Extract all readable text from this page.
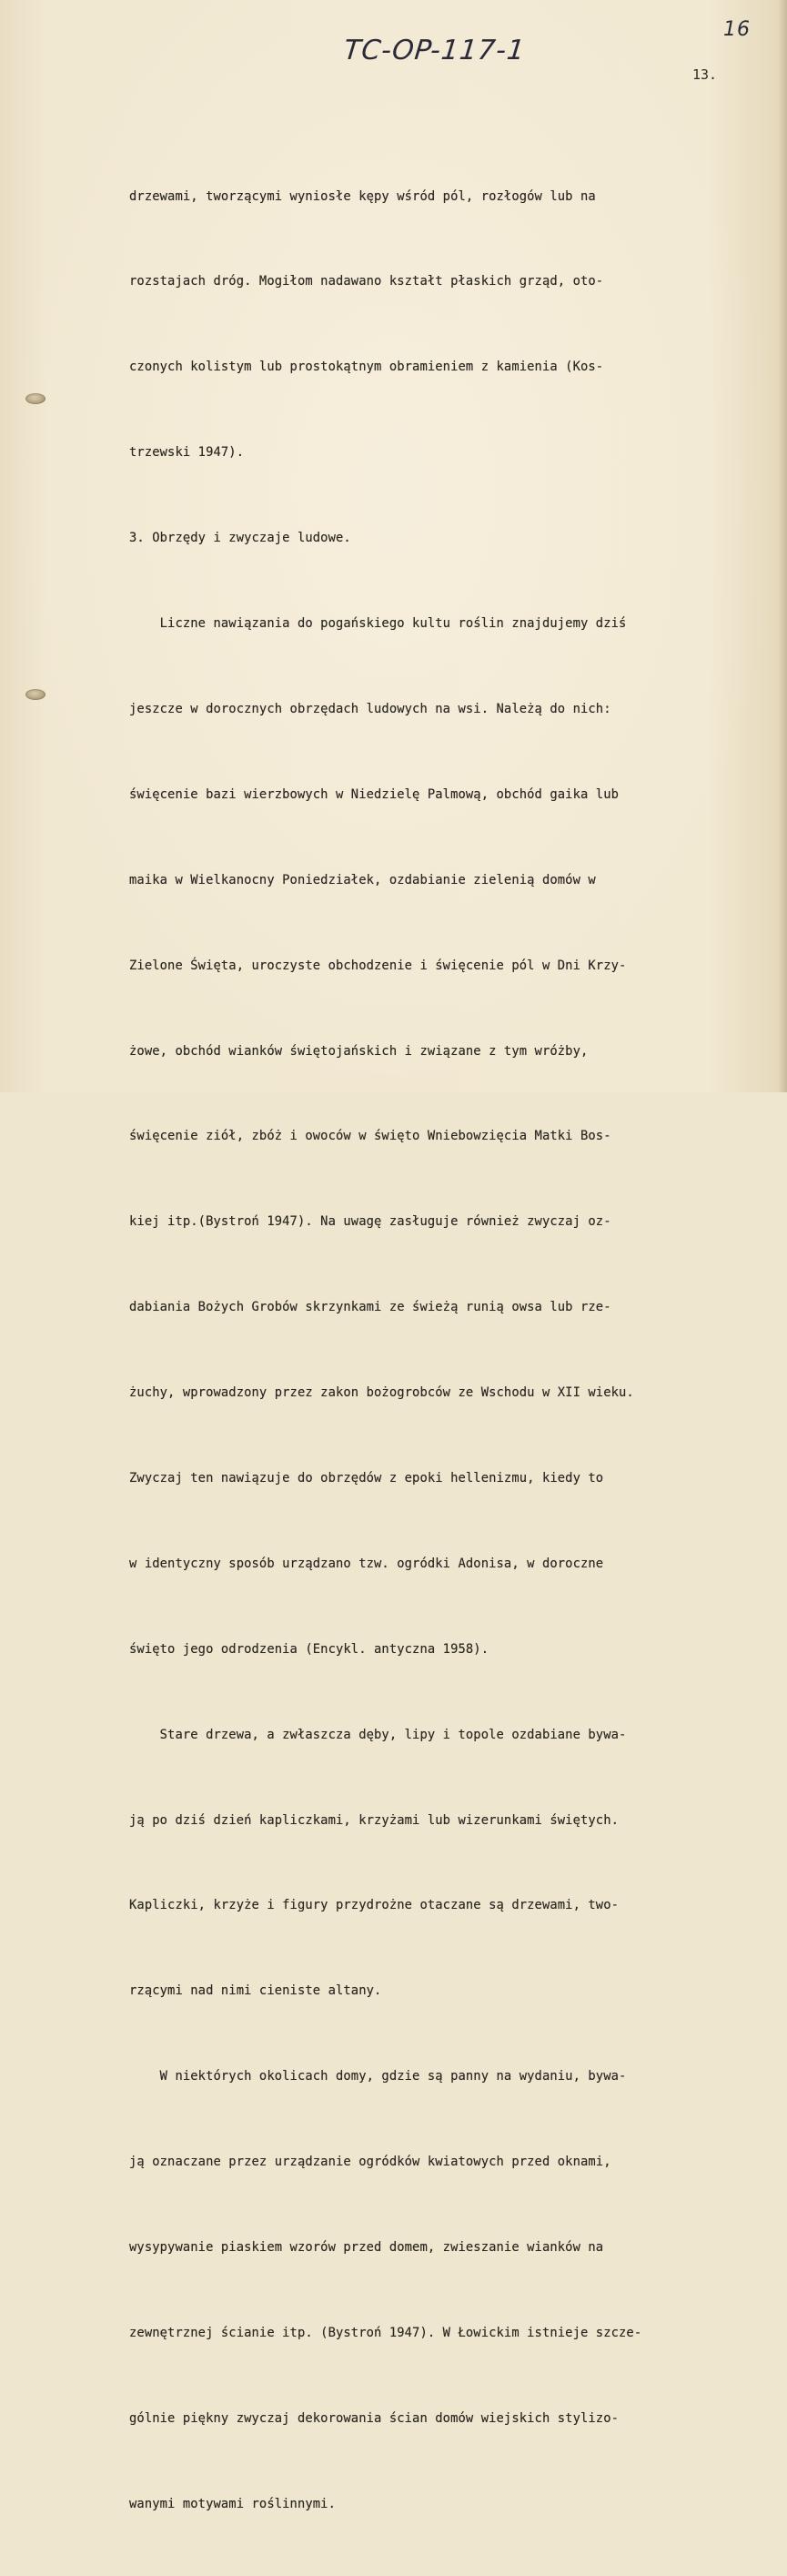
TC-OP-117-1
16
13.

drzewami, tworzącymi wyniosłe kępy wśród pól, rozłogów lub na

rozstajach dróg. Mogiłom nadawano kształt płaskich grząd, oto-

czonych kolistym lub prostokątnym obramieniem z kamienia (Kos-

trzewski 1947).

3. Obrzędy i zwyczaje ludowe.

Liczne nawiązania do pogańskiego kultu roślin znajdujemy dziś

jeszcze w dorocznych obrzędach ludowych na wsi. Należą do nich:

święcenie bazi wierzbowych w Niedzielę Palmową, obchód gaika lub

maika w Wielkanocny Poniedziałek, ozdabianie zielenią domów w

Zielone Święta, uroczyste obchodzenie i święcenie pól w Dni Krzy-

żowe, obchód wianków świętojańskich i związane z tym wróżby,

święcenie ziół, zbóż i owoców w święto Wniebowzięcia Matki Bos-

kiej itp.(Bystroń 1947). Na uwagę zasługuje również zwyczaj oz-

dabiania Bożych Grobów skrzynkami ze świeżą runią owsa lub rze-

żuchy, wprowadzony przez zakon bożogrobców ze Wschodu w XII wieku.

Zwyczaj ten nawiązuje do obrzędów z epoki hellenizmu, kiedy to

w identyczny sposób urządzano tzw. ogródki Adonisa, w doroczne

święto jego odrodzenia (Encykl. antyczna 1958).

Stare drzewa, a zwłaszcza dęby, lipy i topole ozdabiane bywa-

ją po dziś dzień kapliczkami, krzyżami lub wizerunkami świętych.

Kapliczki, krzyże i figury przydrożne otaczane są drzewami, two-

rzącymi nad nimi cieniste altany.

W niektórych okolicach domy, gdzie są panny na wydaniu, bywa-

ją oznaczane przez urządzanie ogródków kwiatowych przed oknami,

wysypywanie piaskiem wzorów przed domem, zwieszanie wianków na

zewnętrznej ścianie itp. (Bystroń 1947). W Łowickim istnieje szcze-

gólnie piękny zwyczaj dekorowania ścian domów wiejskich stylizo-

wanymi motywami roślinnymi.
